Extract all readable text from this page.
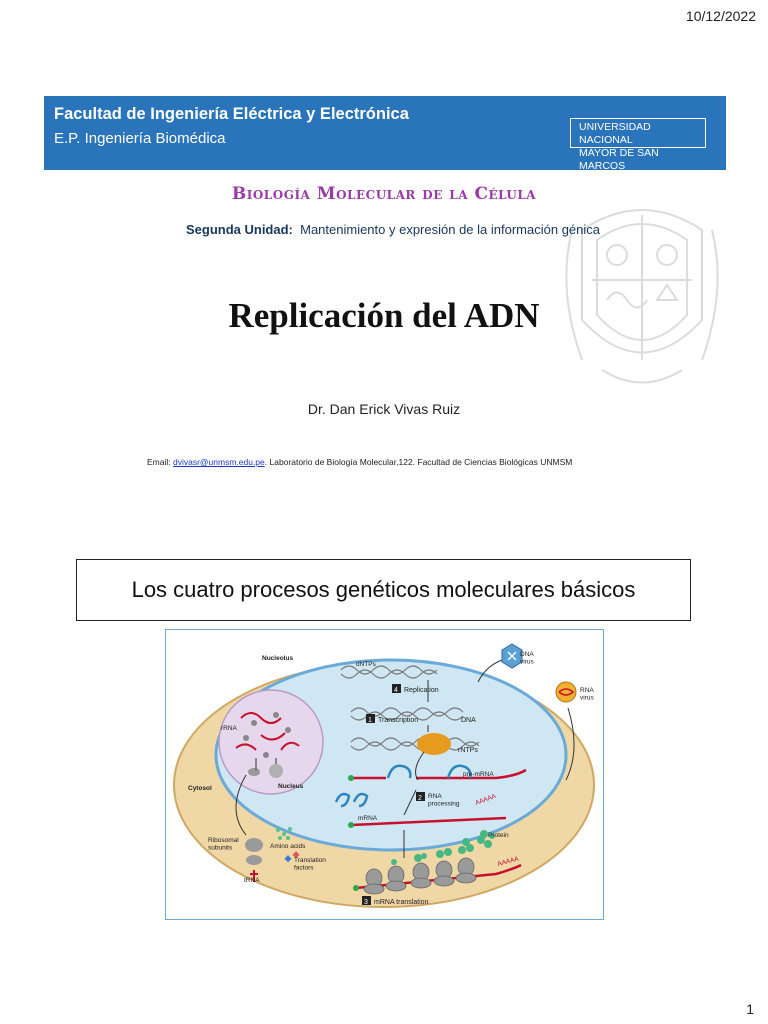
10/12/2022
Facultad de Ingeniería Eléctrica y Electrónica
E.P. Ingeniería Biomédica
UNIVERSIDAD NACIONAL
MAYOR DE SAN MARCOS
Biología Molecular de la Célula
Segunda Unidad: Mantenimiento y expresión de la información génica
Replicación del ADN
Dr. Dan Erick Vivas Ruiz
Email: dvivasr@unmsm.edu.pe. Laboratorio de Biología Molecular,122. Facultad de Ciencias Biológicas UNMSM
Los cuatro procesos genéticos moleculares básicos
DNA virus
RNA virus
dNTPs
4 Replication
1 Transcription	DNA
rNTPs
Nucleolus
rRNA
Nucleus
Cytosol
pre-mRNA
2 RNA processing AAAAA
mRNA
Ribosomal subunits	Amino acids
Translation factors
tRNA
Protein
3 mRNA translation
AAAAA
1
